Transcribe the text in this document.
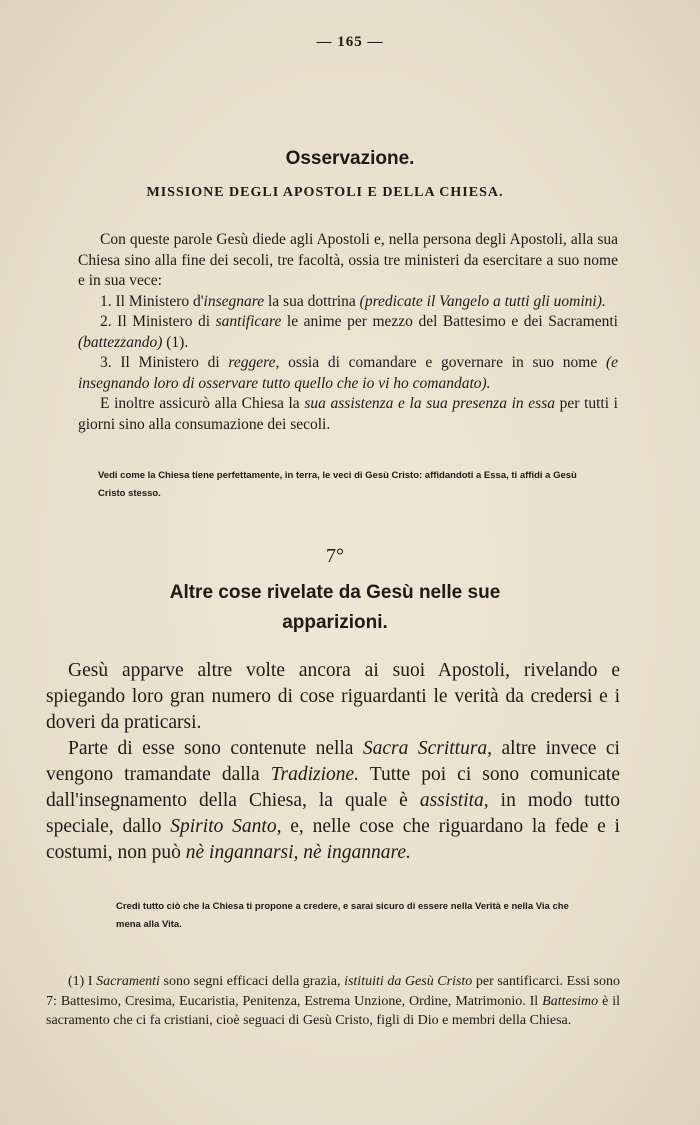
— 165 —
Osservazione.
MISSIONE DEGLI APOSTOLI E DELLA CHIESA.

Con queste parole Gesù diede agli Apostoli e, nella persona degli Apostoli, alla sua Chiesa sino alla fine dei secoli, tre facoltà, ossia tre ministeri da esercitare a suo nome e in sua vece:

1. Il Ministero d'insegnare la sua dottrina (predicate il Vangelo a tutti gli uomini).

2. Il Ministero di santificare le anime per mezzo del Battesimo e dei Sacramenti (battezzando) (1).

3. Il Ministero di reggere, ossia di comandare e governare in suo nome (e insegnando loro di osservare tutto quello che io vi ho comandato).

E inoltre assicurò alla Chiesa la sua assistenza e la sua presenza in essa per tutti i giorni sino alla consumazione dei secoli.

Vedi come la Chiesa tiene perfettamente, in terra, le veci di Gesù Cristo: affidandoti a Essa, ti affidi a Gesù Cristo stesso.
7°
Altre cose rivelate da Gesù nelle sue apparizioni.

Gesù apparve altre volte ancora ai suoi Apostoli, rivelando e spiegando loro gran numero di cose riguardanti le verità da credersi e i doveri da praticarsi.

Parte di esse sono contenute nella Sacra Scrittura, altre invece ci vengono tramandate dalla Tradizione. Tutte poi ci sono comunicate dall'insegnamento della Chiesa, la quale è assistita, in modo tutto speciale, dallo Spirito Santo, e, nelle cose che riguardano la fede e i costumi, non può nè ingannarsi, nè ingannare.

Credi tutto ciò che la Chiesa ti propone a credere, e sarai sicuro di essere nella Verità e nella Via che mena alla Vita.

(1) I Sacramenti sono segni efficaci della grazia, istituiti da Gesù Cristo per santificarci. Essi sono 7: Battesimo, Cresima, Eucaristia, Penitenza, Estrema Unzione, Ordine, Matrimonio. Il Battesimo è il sacramento che ci fa cristiani, cioè seguaci di Gesù Cristo, figli di Dio e membri della Chiesa.
